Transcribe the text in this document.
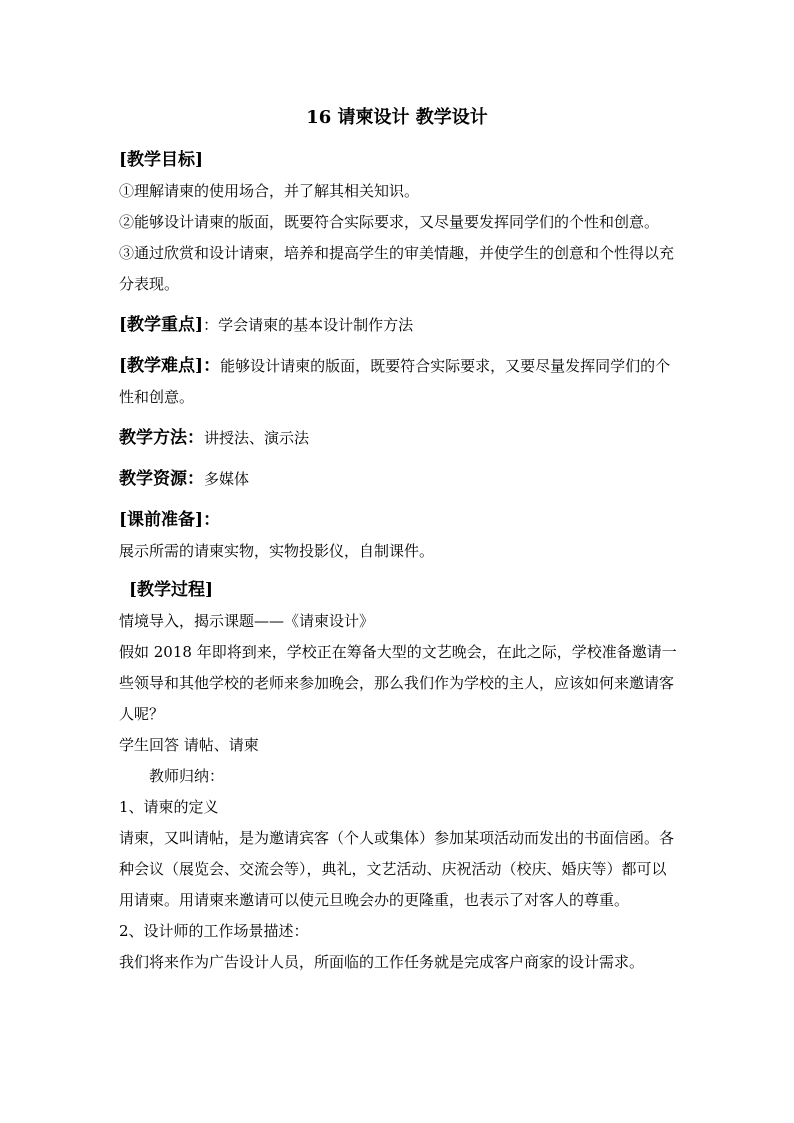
16 请柬设计 教学设计

[教学目标]

①理解请柬的使用场合，并了解其相关知识。

②能够设计请柬的版面，既要符合实际要求，又尽量要发挥同学们的个性和创意。

③通过欣赏和设计请柬，培养和提高学生的审美情趣，并使学生的创意和个性得以充分表现。

[教学重点]：学会请柬的基本设计制作方法

[教学难点]：能够设计请柬的版面，既要符合实际要求，又要尽量发挥同学们的个性和创意。

教学方法：讲授法、演示法

教学资源：多媒体

[课前准备]：

展示所需的请柬实物，实物投影仪，自制课件。

[教学过程]

情境导入，揭示课题——《请柬设计》

假如 2018 年即将到来，学校正在筹备大型的文艺晚会，在此之际，学校准备邀请一些领导和其他学校的老师来参加晚会，那么我们作为学校的主人，应该如何来邀请客人呢？

学生回答 请帖、请柬

教师归纳：

1、请柬的定义

请柬，又叫请帖，是为邀请宾客（个人或集体）参加某项活动而发出的书面信函。各种会议（展览会、交流会等），典礼，文艺活动、庆祝活动（校庆、婚庆等）都可以用请柬。用请柬来邀请可以使元旦晚会办的更隆重，也表示了对客人的尊重。

2、设计师的工作场景描述：

我们将来作为广告设计人员，所面临的工作任务就是完成客户商家的设计需求。
